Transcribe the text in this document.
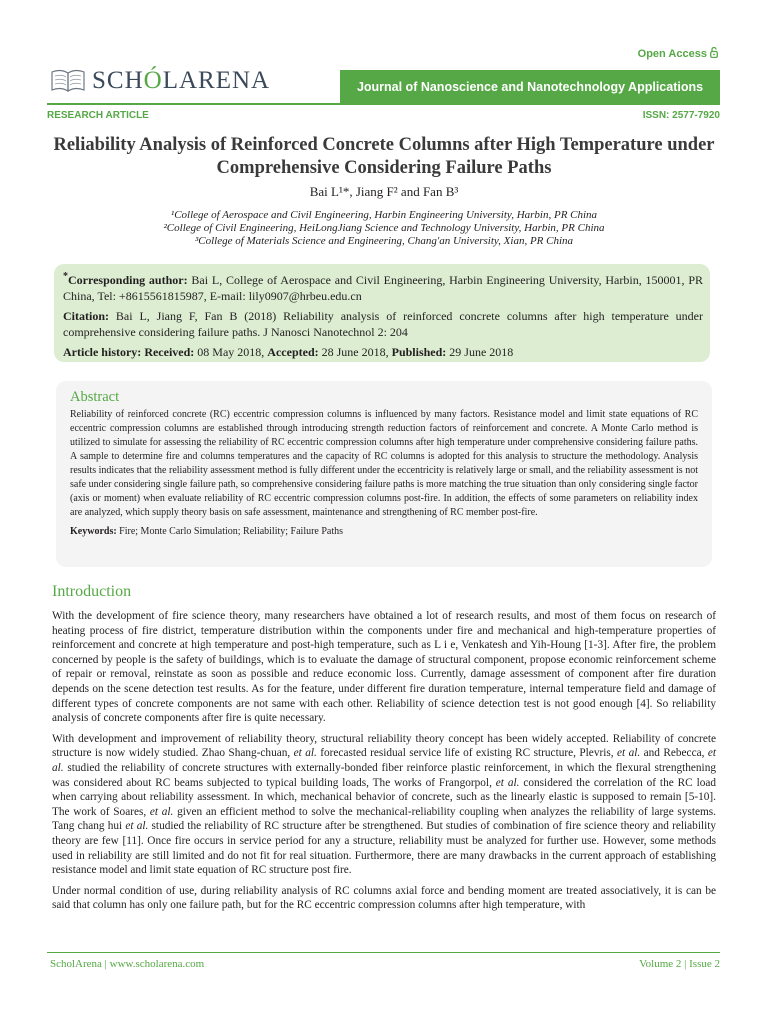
Open Access
SCHÓLARENA	Journal of Nanoscience and Nanotechnology Applications
RESEARCH ARTICLE	ISSN: 2577-7920
Reliability Analysis of Reinforced Concrete Columns after High Temperature under Comprehensive Considering Failure Paths
Bai L¹*, Jiang F² and Fan B³
¹College of Aerospace and Civil Engineering, Harbin Engineering University, Harbin, PR China
²College of Civil Engineering, HeiLongJiang Science and Technology University, Harbin, PR China
³College of Materials Science and Engineering, Chang'an University, Xian, PR China

*Corresponding author: Bai L, College of Aerospace and Civil Engineering, Harbin Engineering University, Harbin, 150001, PR China, Tel: +8615561815987, E-mail: lily0907@hrbeu.edu.cn

Citation: Bai L, Jiang F, Fan B (2018) Reliability analysis of reinforced concrete columns after high temperature under comprehensive considering failure paths. J Nanosci Nanotechnol 2: 204

Article history: Received: 08 May 2018, Accepted: 28 June 2018, Published: 29 June 2018

Abstract

Reliability of reinforced concrete (RC) eccentric compression columns is influenced by many factors. Resistance model and limit state equations of RC eccentric compression columns are established through introducing strength reduction factors of reinforcement and concrete. A Monte Carlo method is utilized to simulate for assessing the reliability of RC eccentric compression columns after high temperature under comprehensive considering failure paths. A sample to determine fire and columns temperatures and the capacity of RC columns is adopted for this analysis to structure the methodology. Analysis results indicates that the reliability assessment method is fully different under the eccentricity is relatively large or small, and the reliability assessment is not safe under considering single failure path, so comprehensive considering failure paths is more matching the true situation than only considering single factor (axis or moment) when evaluate reliability of RC eccentric compression columns post-fire. In addition, the effects of some parameters on reliability index are analyzed, which supply theory basis on safe assessment, maintenance and strengthening of RC member post-fire.

Keywords: Fire; Monte Carlo Simulation; Reliability; Failure Paths

Introduction

With the development of fire science theory, many researchers have obtained a lot of research results, and most of them focus on research of heating process of fire district, temperature distribution within the components under fire and mechanical and high-temperature properties of reinforcement and concrete at high temperature and post-high temperature, such as L i e, Venkatesh and Yih-Houng [1-3]. After fire, the problem concerned by people is the safety of buildings, which is to evaluate the damage of structural component, propose economic reinforcement scheme of repair or removal, reinstate as soon as possible and reduce economic loss. Currently, damage assessment of component after fire duration depends on the scene detection test results. As for the feature, under different fire duration temperature, internal temperature field and damage of different types of concrete components are not same with each other. Reliability of science detection test is not good enough [4]. So reliability analysis of concrete components after fire is quite necessary.

With development and improvement of reliability theory, structural reliability theory concept has been widely accepted. Reliability of concrete structure is now widely studied. Zhao Shang-chuan, et al. forecasted residual service life of existing RC structure, Plevris, et al. and Rebecca, et al. studied the reliability of concrete structures with externally-bonded fiber reinforce plastic reinforcement, in which the flexural strengthening was considered about RC beams subjected to typical building loads, The works of Frangorpol, et al. considered the correlation of the RC load when carrying about reliability assessment. In which, mechanical behavior of concrete, such as the linearly elastic is supposed to remain [5-10]. The work of Soares, et al. given an efficient method to solve the mechanical-reliability coupling when analyzes the reliability of large systems. Tang chang hui et al. studied the reliability of RC structure after be strengthened. But studies of combination of fire science theory and reliability theory are few [11]. Once fire occurs in service period for any a structure, reliability must be analyzed for further use. However, some methods used in reliability are still limited and do not fit for real situation. Furthermore, there are many drawbacks in the current approach of establishing resistance model and limit state equation of RC structure post fire.

Under normal condition of use, during reliability analysis of RC columns axial force and bending moment are treated associatively, it is can be said that column has only one failure path, but for the RC eccentric compression columns after high temperature, with

ScholArena | www.scholarena.com	Volume 2 | Issue 2
